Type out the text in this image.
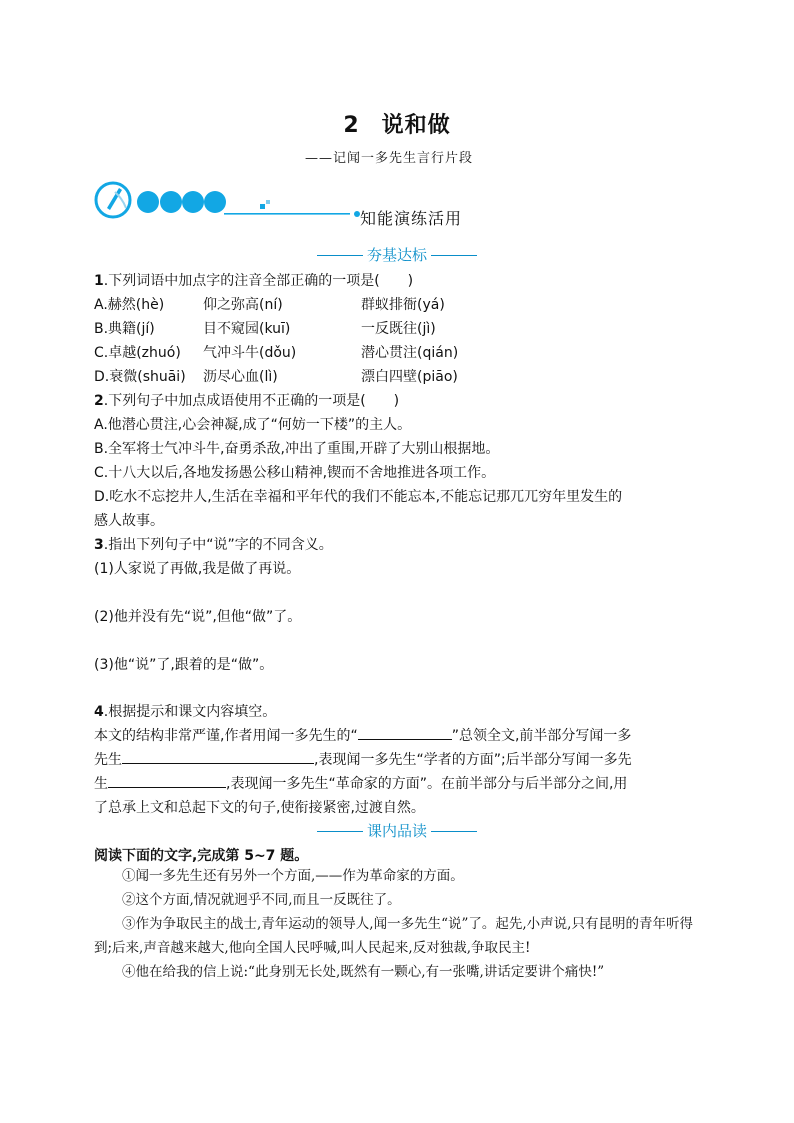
2 说和做
——记闻一多先生言行片段
知能演练活用
夯基达标
1.下列词语中加点字的注音全部正确的一项是(　　)
A.赫然(hè)	仰之弥高(ní)	群蚁排衙(yá)
B.典籍(jí)	目不窥园(kuī)	一反既往(jì)
C.卓越(zhuó) 气冲斗牛(dǒu)	潜心贯注(qián)
D.衰微(shuāi) 沥尽心血(lì)	漂白四壁(piāo)
2.下列句子中加点成语使用不正确的一项是(　　)
A.他潜心贯注,心会神凝,成了“何妨一下楼”的主人。
B.全军将士气冲斗牛,奋勇杀敌,冲出了重围,开辟了大别山根据地。
C.十八大以后,各地发扬愚公移山精神,锲而不舍地推进各项工作。
D.吃水不忘挖井人,生活在幸福和平年代的我们不能忘本,不能忘记那兀兀穷年里发生的
感人故事。
3.指出下列句子中“说”字的不同含义。
(1)人家说了再做,我是做了再说。
(2)他并没有先“说”,但他“做”了。
(3)他“说”了,跟着的是“做”。
4.根据提示和课文内容填空。
本文的结构非常严谨,作者用闻一多先生的“	”总领全文,前半部分写闻一多
先生	,表现闻一多先生“学者的方面”;后半部分写闻一多先
生	,表现闻一多先生“革命家的方面”。在前半部分与后半部分之间,用
了总承上文和总起下文的句子,使衔接紧密,过渡自然。
课内品读
阅读下面的文字,完成第 5~7 题。

①闻一多先生还有另外一个方面,——作为革命家的方面。

②这个方面,情况就迥乎不同,而且一反既往了。

③作为争取民主的战士,青年运动的领导人,闻一多先生“说”了。起先,小声说,只有昆明的青年听得到;后来,声音越来越大,他向全国人民呼喊,叫人民起来,反对独裁,争取民主!

④他在给我的信上说:“此身别无长处,既然有一颗心,有一张嘴,讲话定要讲个痛快!”
